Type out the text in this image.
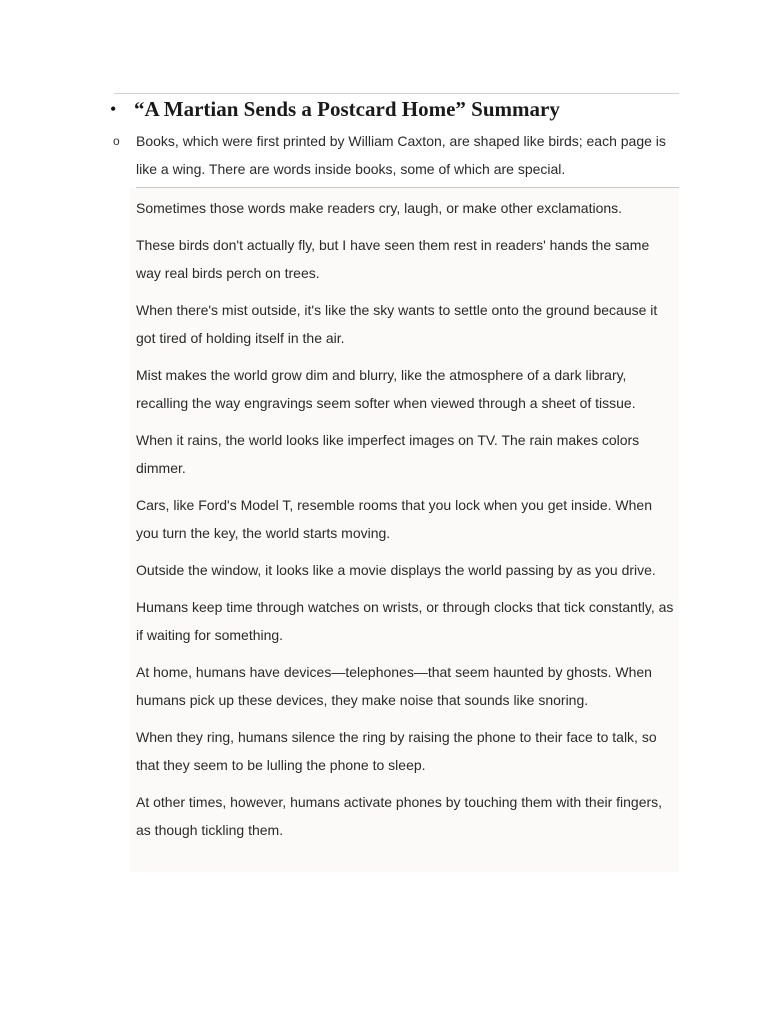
• “A Martian Sends a Postcard Home” Summary
o Books, which were first printed by William Caxton, are shaped like birds; each page is like a wing. There are words inside books, some of which are special.

Sometimes those words make readers cry, laugh, or make other exclamations.

These birds don't actually fly, but I have seen them rest in readers' hands the same way real birds perch on trees.

When there's mist outside, it's like the sky wants to settle onto the ground because it got tired of holding itself in the air.

Mist makes the world grow dim and blurry, like the atmosphere of a dark library, recalling the way engravings seem softer when viewed through a sheet of tissue.

When it rains, the world looks like imperfect images on TV. The rain makes colors dimmer.

Cars, like Ford's Model T, resemble rooms that you lock when you get inside. When you turn the key, the world starts moving.

Outside the window, it looks like a movie displays the world passing by as you drive.

Humans keep time through watches on wrists, or through clocks that tick constantly, as if waiting for something.

At home, humans have devices—telephones—that seem haunted by ghosts. When humans pick up these devices, they make noise that sounds like snoring.

When they ring, humans silence the ring by raising the phone to their face to talk, so that they seem to be lulling the phone to sleep.

At other times, however, humans activate phones by touching them with their fingers, as though tickling them.
